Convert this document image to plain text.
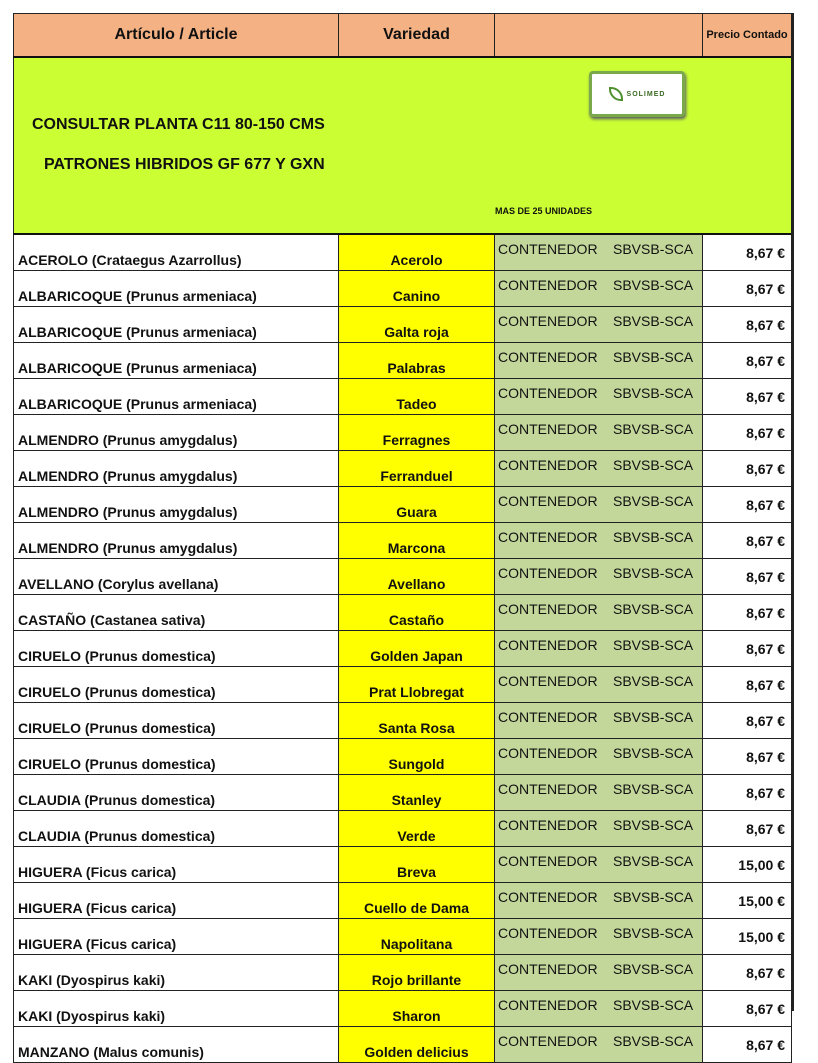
Artículo / Article	Variedad		Precio Contado

CONSULTAR PLANTA C11 80-150 CMS
PATRONES HIBRIDOS GF 677 Y GXN
SOLIMED
MAS DE 25 UNIDADES			

ACEROLO (Crataegus Azarrollus)	Acerolo	CONTENEDOR SBVSB-SCA	8,67 €
ALBARICOQUE (Prunus armeniaca)	Canino	CONTENEDOR SBVSB-SCA	8,67 €
ALBARICOQUE (Prunus armeniaca)	Galta roja	CONTENEDOR SBVSB-SCA	8,67 €
ALBARICOQUE (Prunus armeniaca)	Palabras	CONTENEDOR SBVSB-SCA	8,67 €
ALBARICOQUE (Prunus armeniaca)	Tadeo	CONTENEDOR SBVSB-SCA	8,67 €
ALMENDRO (Prunus amygdalus)	Ferragnes	CONTENEDOR SBVSB-SCA	8,67 €
ALMENDRO (Prunus amygdalus)	Ferranduel	CONTENEDOR SBVSB-SCA	8,67 €
ALMENDRO (Prunus amygdalus)	Guara	CONTENEDOR SBVSB-SCA	8,67 €
ALMENDRO (Prunus amygdalus)	Marcona	CONTENEDOR SBVSB-SCA	8,67 €
AVELLANO (Corylus avellana)	Avellano	CONTENEDOR SBVSB-SCA	8,67 €
CASTAÑO (Castanea sativa)	Castaño	CONTENEDOR SBVSB-SCA	8,67 €
CIRUELO (Prunus domestica)	Golden Japan	CONTENEDOR SBVSB-SCA	8,67 €
CIRUELO (Prunus domestica)	Prat Llobregat	CONTENEDOR SBVSB-SCA	8,67 €
CIRUELO (Prunus domestica)	Santa Rosa	CONTENEDOR SBVSB-SCA	8,67 €
CIRUELO (Prunus domestica)	Sungold	CONTENEDOR SBVSB-SCA	8,67 €
CLAUDIA (Prunus domestica)	Stanley	CONTENEDOR SBVSB-SCA	8,67 €
CLAUDIA (Prunus domestica)	Verde	CONTENEDOR SBVSB-SCA	8,67 €
HIGUERA (Ficus carica)	Breva	CONTENEDOR SBVSB-SCA	15,00 €
HIGUERA (Ficus carica)	Cuello de Dama	CONTENEDOR SBVSB-SCA	15,00 €
HIGUERA (Ficus carica)	Napolitana	CONTENEDOR SBVSB-SCA	15,00 €
KAKI (Dyospirus kaki)	Rojo brillante	CONTENEDOR SBVSB-SCA	8,67 €
KAKI (Dyospirus kaki)	Sharon	CONTENEDOR SBVSB-SCA	8,67 €
MANZANO (Malus comunis)	Golden delicius	CONTENEDOR SBVSB-SCA	8,67 €
